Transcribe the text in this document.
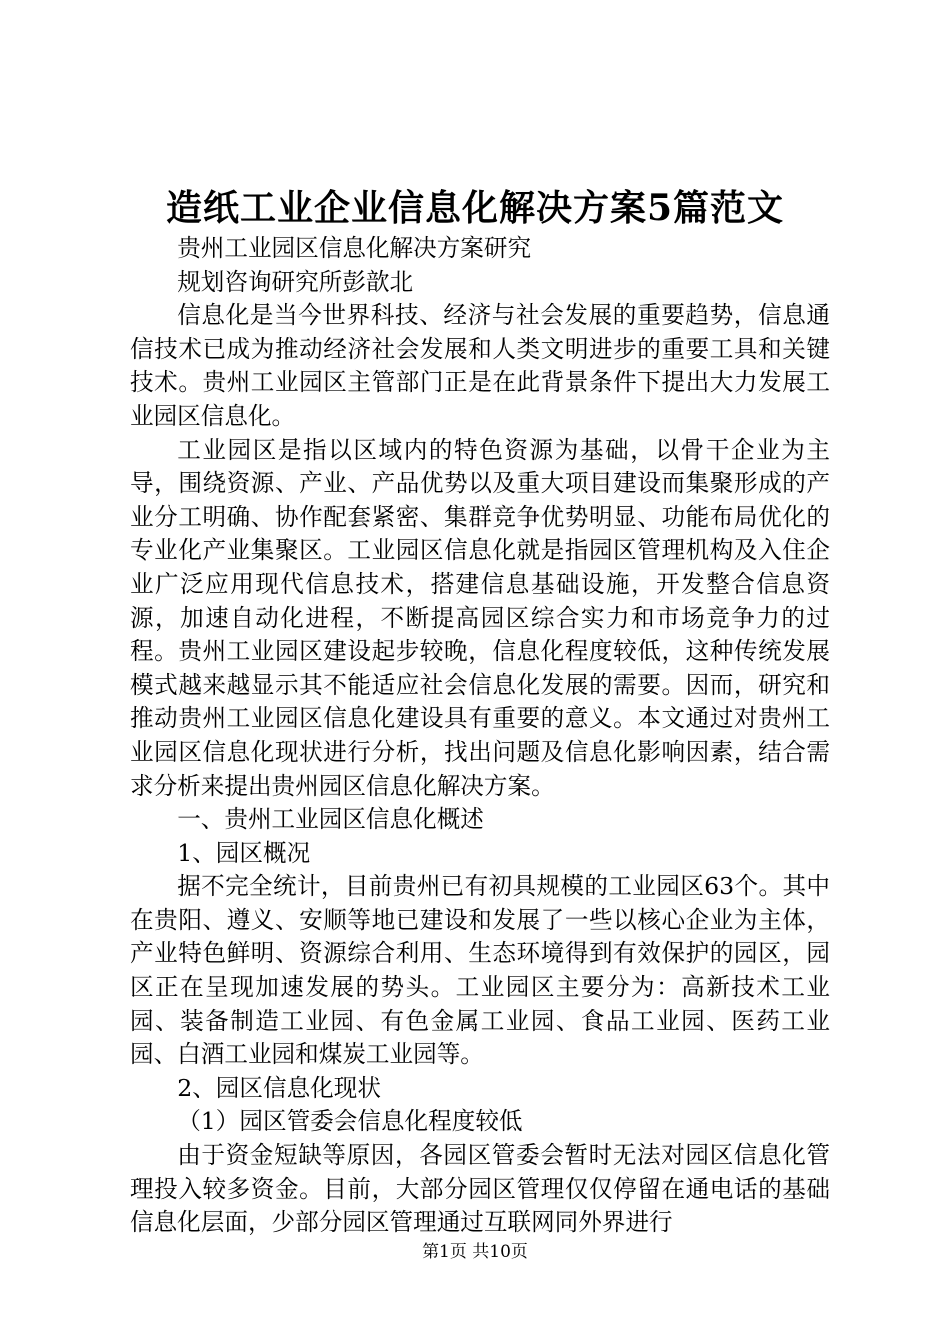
造纸工业企业信息化解决方案5篇范文

贵州工业园区信息化解决方案研究

规划咨询研究所彭歆北

信息化是当今世界科技、经济与社会发展的重要趋势，信息通信技术已成为推动经济社会发展和人类文明进步的重要工具和关键技术。贵州工业园区主管部门正是在此背景条件下提出大力发展工业园区信息化。

工业园区是指以区域内的特色资源为基础，以骨干企业为主导，围绕资源、产业、产品优势以及重大项目建设而集聚形成的产业分工明确、协作配套紧密、集群竞争优势明显、功能布局优化的专业化产业集聚区。工业园区信息化就是指园区管理机构及入住企业广泛应用现代信息技术，搭建信息基础设施，开发整合信息资源，加速自动化进程，不断提高园区综合实力和市场竞争力的过程。贵州工业园区建设起步较晚，信息化程度较低，这种传统发展模式越来越显示其不能适应社会信息化发展的需要。因而，研究和推动贵州工业园区信息化建设具有重要的意义。本文通过对贵州工业园区信息化现状进行分析，找出问题及信息化影响因素，结合需求分析来提出贵州园区信息化解决方案。

一、贵州工业园区信息化概述

1、园区概况

据不完全统计，目前贵州已有初具规模的工业园区63个。其中在贵阳、遵义、安顺等地已建设和发展了一些以核心企业为主体，产业特色鲜明、资源综合利用、生态环境得到有效保护的园区，园区正在呈现加速发展的势头。工业园区主要分为：高新技术工业园、装备制造工业园、有色金属工业园、食品工业园、医药工业园、白酒工业园和煤炭工业园等。

2、园区信息化现状

（1）园区管委会信息化程度较低

由于资金短缺等原因，各园区管委会暂时无法对园区信息化管理投入较多资金。目前，大部分园区管理仅仅停留在通电话的基础信息化层面，少部分园区管理通过互联网同外界进行

第1页 共10页
